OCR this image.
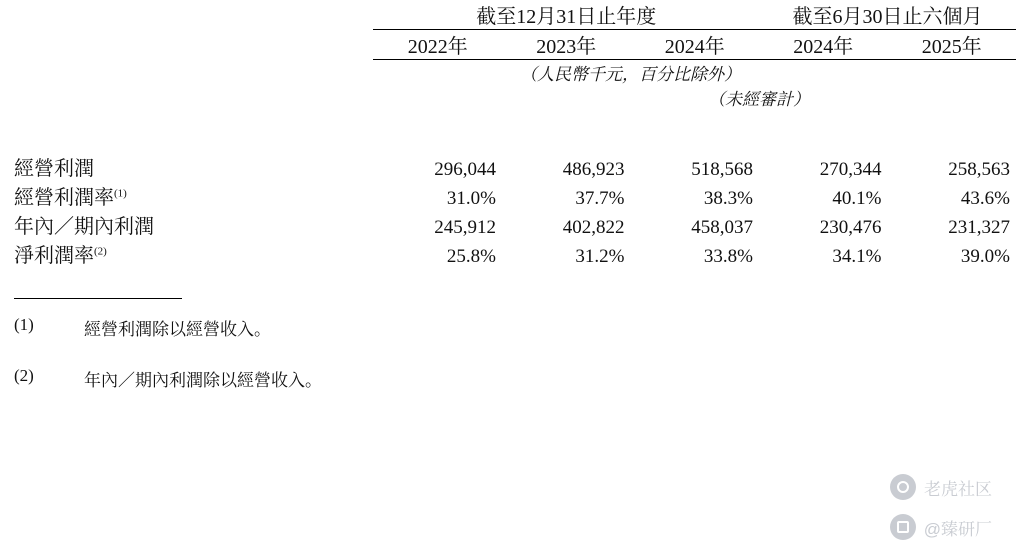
	截至12月31日止年度			截至6月30日止六個月	

	2022年	2023年	2024年	2024年	2025年

	（人民幣千元，百分比除外）				
			（未經審計）		

經營利潤	296,044	486,923	518,568	270,344	258,563
經營利潤率$^{(1)}$	31.0%	37.7%	38.3%	40.1%	43.6%
年內／期內利潤	245,912	402,822	458,037	230,476	231,327
淨利潤率$^{(2)}$	25.8%	31.2%	33.8%	34.1%	39.0%
(1)	經營利潤除以經營收入。
(2)	年內／期內利潤除以經營收入。
老虎社区
@臻研厂
